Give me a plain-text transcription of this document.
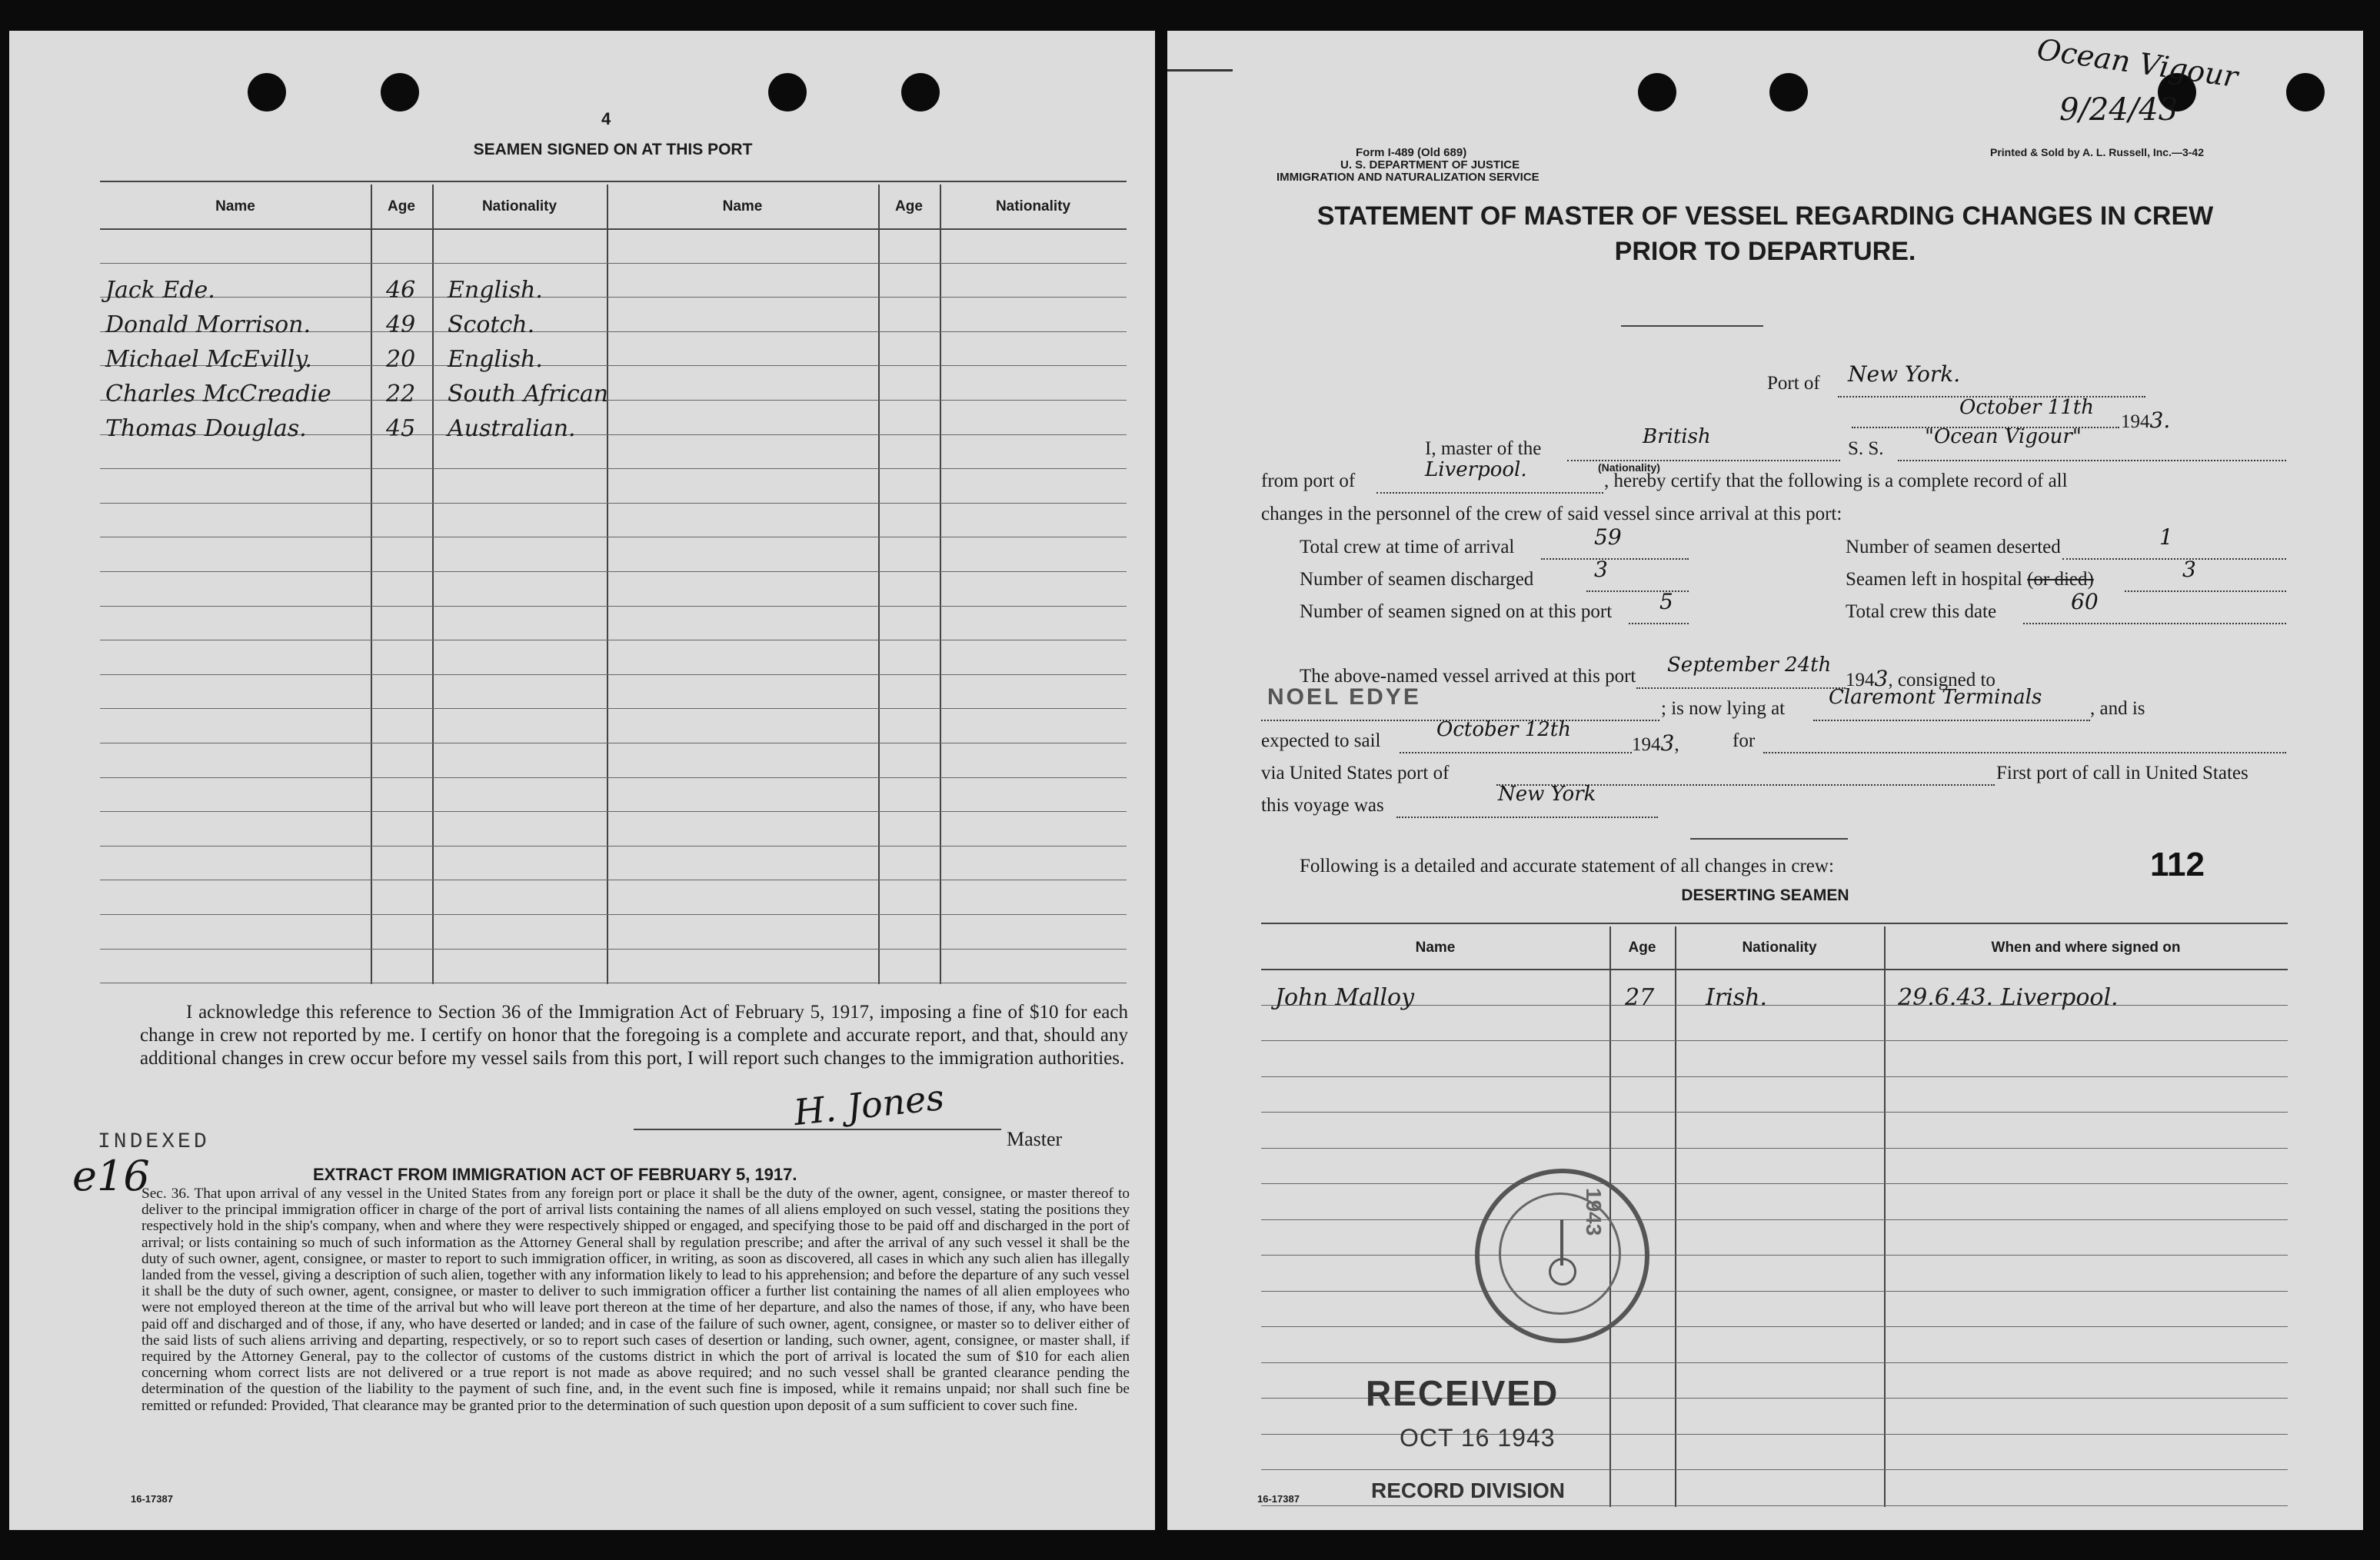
4
SEAMEN SIGNED ON AT THIS PORT
Name	Age	Nationality	Name	Age	Nationality
Jack Ede.	46 English.
Donald Morrison.	49 Scotch.
Michael McEvilly.	20 English.
Charles McCreadie 22 South African
Thomas Douglas.	45 Australian.
I acknowledge this reference to Section 36 of the Immigration Act of February 5, 1917, imposing a fine of $10 for each change in crew not reported by me. I certify on honor that the foregoing is a complete and accurate report, and that, should any additional changes in crew occur before my vessel sails from this port, I will report such changes to the immigration authorities.
H. Jones
Master
INDEXED
e16	EXTRACT FROM IMMIGRATION ACT OF FEBRUARY 5, 1917.
Sec. 36. That upon arrival of any vessel in the United States from any foreign port or place it shall be the duty of the owner, agent, consignee, or master thereof to deliver to the principal immigration officer in charge of the port of arrival lists containing the names of all aliens employed on such vessel, stating the positions they respectively hold in the ship's company, when and where they were respectively shipped or engaged, and specifying those to be paid off and discharged in the port of arrival; or lists containing so much of such information as the Attorney General shall by regulation prescribe; and after the arrival of any such vessel it shall be the duty of such owner, agent, consignee, or master to report to such immigration officer, in writing, as soon as discovered, all cases in which any such alien has illegally landed from the vessel, giving a description of such alien, together with any information likely to lead to his apprehension; and before the departure of any such vessel it shall be the duty of such owner, agent, consignee, or master to deliver to such immigration officer a further list containing the names of all alien employees who were not employed thereon at the time of the arrival but who will leave port thereon at the time of her departure, and also the names of those, if any, who have been paid off and discharged and of those, if any, who have deserted or landed; and in case of the failure of such owner, agent, consignee, or master so to deliver either of the said lists of such aliens arriving and departing, respectively, or so to report such cases of desertion or landing, such owner, agent, consignee, or master shall, if required by the Attorney General, pay to the collector of customs of the customs district in which the port of arrival is located the sum of $10 for each alien concerning whom correct lists are not delivered or a true report is not made as above required; and no such vessel shall be granted clearance pending the determination of the question of the liability to the payment of such fine, and, in the event such fine is imposed, while it remains unpaid; nor shall such fine be remitted or refunded: Provided, That clearance may be granted prior to the determination of such question upon deposit of a sum sufficient to cover such fine.
16-17387
Ocean Vigour
9/24/43
Form I-489 (Old 689)
U. S. DEPARTMENT OF JUSTICE
IMMIGRATION AND NATURALIZATION SERVICE
Printed & Sold by A. L. Russell, Inc.—3-42
STATEMENT OF MASTER OF VESSEL REGARDING CHANGES IN CREW
PRIOR TO DEPARTURE.
Port of New York.
October 11th
1943.
I, master of the
British
(Nationality)
S. S.
"Ocean Vigour"
from port of	Liverpool.	, hereby certify that the following is a complete record of all
changes in the personnel of the crew of said vessel since arrival at this port:
Total crew at time of arrival	59	Number of seamen deserted	1
Number of seamen discharged	3	Seamen left in hospital (or died)	3
Number of seamen signed on at this port 5	Total crew this date	60
The above-named vessel arrived at this port September 24th
1943, consigned to
NOEL EDYE	; is now lying at Claremont Terminals	, and is
expected to sail	October 12th
1943,	for
via United States port of	First port of call in United States
this voyage was	New York
Following is a detailed and accurate statement of all changes in crew:	112
DESERTING SEAMEN
Name	Age	Nationality	When and where signed on
John Malloy	27 Irish.	29.6.43. Liverpool.
1943
RECEIVED
OCT 16 1943
RECORD DIVISION
16-17387
